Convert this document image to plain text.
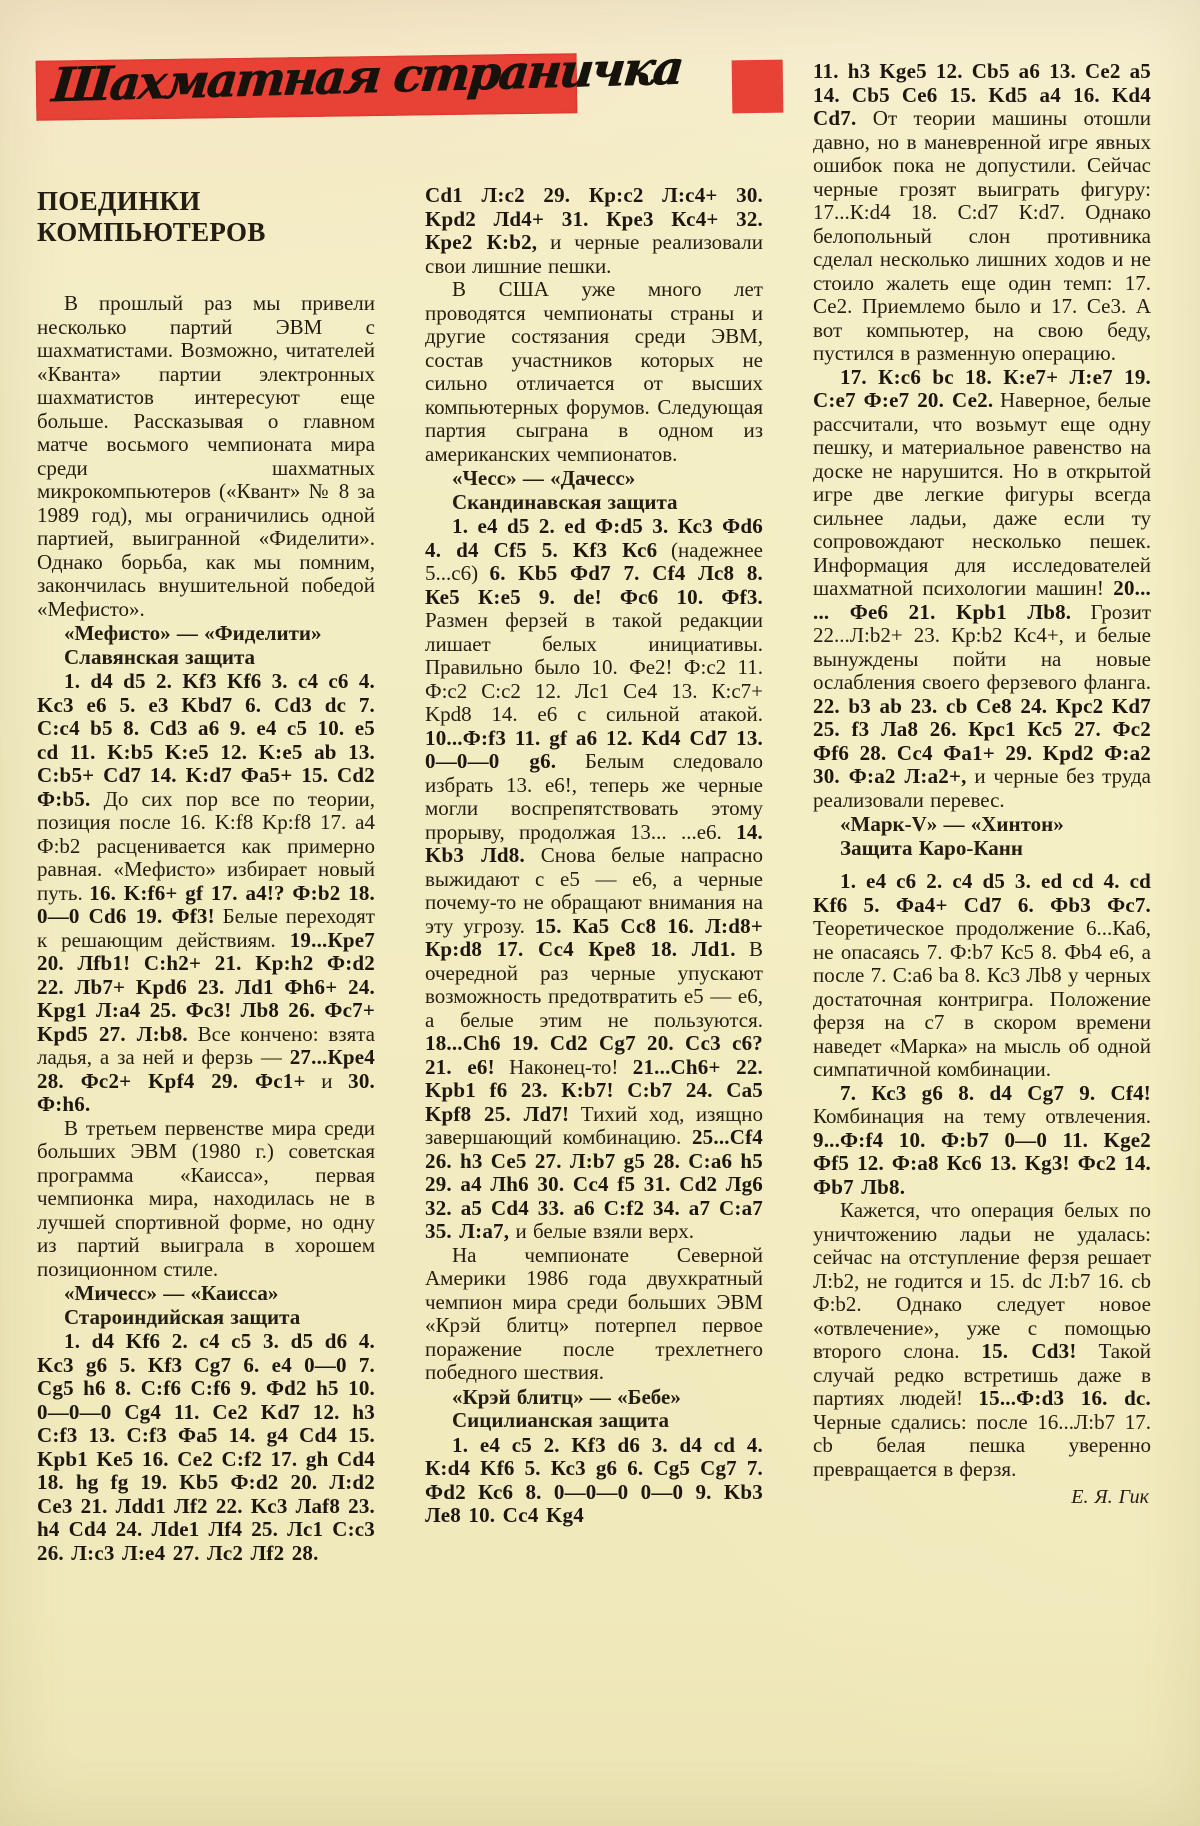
Шахматная страничка
ПОЕДИНКИ
КОМПЬЮТЕРОВ

В прошлый раз мы привели несколько партий ЭВМ с шахматистами. Возможно, читателей «Кванта» партии электронных шахматистов интересуют еще больше. Рассказывая о главном матче восьмого чемпионата мира среди шахматных микрокомпьютеров («Квант» № 8 за 1989 год), мы ограничились одной партией, выигранной «Фиделити». Однако борьба, как мы помним, закончилась внушительной победой «Мефисто».

«Мефисто» — «Фиделити»
Славянская защита

1. d4 d5 2. Kf3 Kf6 3. c4 c6 4. Kc3 e6 5. e3 Kbd7 6. Cd3 dc 7. C:c4 b5 8. Cd3 a6 9. e4 c5 10. e5 cd 11. K:b5 K:e5 12. K:e5 ab 13. C:b5+ Cd7 14. K:d7 Фа5+ 15. Cd2 Ф:b5. До сих пор все по теории, позиция после 16. K:f8 Kp:f8 17. a4 Ф:b2 расценивается как примерно равная. «Мефисто» избирает новый путь. 16. K:f6+ gf 17. a4!? Ф:b2 18. 0—0 Cd6 19. Фf3! Белые переходят к решающим действиям. 19...Кре7 20. Лfb1! C:h2+ 21. Kp:h2 Ф:d2 22. Лb7+ Kpd6 23. Лd1 Фh6+ 24. Kpg1 Л:а4 25. Фс3! Лb8 26. Фс7+ Kpd5 27. Л:b8. Все кончено: взята ладья, а за ней и ферзь — 27...Кре4 28. Фс2+ Kpf4 29. Фс1+ и 30. Ф:h6.

В третьем первенстве мира среди больших ЭВМ (1980 г.) советская программа «Каисса», первая чемпионка мира, находилась не в лучшей спортивной форме, но одну из партий выиграла в хорошем позиционном стиле.

«Мичесс» — «Каисса»
Староиндийская защита

1. d4 Kf6 2. c4 c5 3. d5 d6 4. Kc3 g6 5. Kf3 Cg7 6. e4 0—0 7. Cg5 h6 8. C:f6 C:f6 9. Фd2 h5 10. 0—0—0 Cg4 11. Ce2 Kd7 12. h3 C:f3 13. C:f3 Фа5 14. g4 Cd4 15. Kpb1 Ke5 16. Ce2 C:f2 17. gh Cd4 18. hg fg 19. Kb5 Ф:d2 20. Л:d2 Ce3 21. Лdd1 Лf2 22. Kc3 Лаf8 23. h4 Cd4 24. Лde1 Лf4 25. Лс1 C:c3 26. Л:c3 Л:e4 27. Лс2 Лf2 28.

Cd1 Л:c2 29. Кр:c2 Л:c4+ 30. Kpd2 Лd4+ 31. Кре3 Кс4+ 32. Кре2 К:b2, и черные реализовали свои лишние пешки.

В США уже много лет проводятся чемпионаты страны и другие состязания среди ЭВМ, состав участников которых не сильно отличается от высших компьютерных форумов. Следующая партия сыграна в одном из американских чемпионатов.

«Чесс» — «Дачесс»
Скандинавская защита

1. е4 d5 2. ed Ф:d5 3. Кс3 Фd6 4. d4 Cf5 5. Kf3 Кс6 (надежнее 5...с6) 6. Kb5 Фd7 7. Cf4 Лс8 8. Ке5 К:е5 9. de! Фс6 10. Фf3. Размен ферзей в такой редакции лишает белых инициативы. Правильно было 10. Фе2! Ф:с2 11. Ф:с2 С:с2 12. Лс1 Се4 13. К:с7+ Kpd8 14. е6 с сильной атакой. 10...Ф:f3 11. gf а6 12. Kd4 Cd7 13. 0—0—0 g6. Белым следовало избрать 13. е6!, теперь же черные могли воспрепятствовать этому прорыву, продолжая 13... ...е6. 14. Kb3 Лd8. Снова белые напрасно выжидают с е5 — е6, а черные почему-то не обращают внимания на эту угрозу. 15. Ка5 Сс8 16. Л:d8+ Кр:d8 17. Сс4 Кре8 18. Лd1. В очередной раз черные упускают возможность предотвратить е5 — е6, а белые этим не пользуются. 18...Ch6 19. Cd2 Cg7 20. Сс3 с6? 21. е6! Наконец-то! 21...Ch6+ 22. Kpb1 f6 23. К:b7! С:b7 24. Са5 Kpf8 25. Лd7! Тихий ход, изящно завершающий комбинацию. 25...Cf4 26. h3 Се5 27. Л:b7 g5 28. С:а6 h5 29. а4 Лh6 30. Сс4 f5 31. Cd2 Лg6 32. а5 Cd4 33. а6 C:f2 34. а7 С:а7 35. Л:а7, и белые взяли верх.

На чемпионате Северной Америки 1986 года двухкратный чемпион мира среди больших ЭВМ «Крэй блитц» потерпел первое поражение после трехлетнего победного шествия.

«Крэй блитц» — «Бебе»
Сицилианская защита

1. е4 с5 2. Kf3 d6 3. d4 cd 4. К:d4 Kf6 5. Кс3 g6 6. Cg5 Cg7 7. Фd2 Кс6 8. 0—0—0 0—0 9. Kb3 Ле8 10. Сс4 Kg4

11. h3 Kge5 12. Cb5 a6 13. Ce2 a5 14. Cb5 Ce6 15. Kd5 a4 16. Kd4 Cd7. От теории машины отошли давно, но в маневренной игре явных ошибок пока не допустили. Сейчас черные грозят выиграть фигуру: 17...К:d4 18. С:d7 К:d7. Однако белопольный слон противника сделал несколько лишних ходов и не стоило жалеть еще один темп: 17. Се2. Приемлемо было и 17. Се3. А вот компьютер, на свою беду, пустился в разменную операцию.

17. К:с6 bc 18. К:е7+ Л:е7 19. С:е7 Ф:е7 20. Се2. Наверное, белые рассчитали, что возьмут еще одну пешку, и материальное равенство на доске не нарушится. Но в открытой игре две легкие фигуры всегда сильнее ладьи, даже если ту сопровождают несколько пешек. Информация для исследователей шахматной психологии машин! 20... ... Фе6 21. Kpb1 Лb8. Грозит 22...Л:b2+ 23. Кр:b2 Кс4+, и белые вынуждены пойти на новые ослабления своего ферзевого фланга. 22. b3 ab 23. cb Се8 24. Крс2 Kd7 25. f3 Ла8 26. Крс1 Кс5 27. Фс2 Фf6 28. Сс4 Фа1+ 29. Kpd2 Ф:а2 30. Ф:а2 Л:а2+, и черные без труда реализовали перевес.

«Марк-V» — «Хинтон»
Защита Каро-Канн

1. е4 с6 2. с4 d5 3. ed cd 4. cd Kf6 5. Фа4+ Cd7 6. Фb3 Фс7. Теоретическое продолжение 6...Ка6, не опасаясь 7. Ф:b7 Кс5 8. Фb4 е6, а после 7. С:а6 ba 8. Кс3 Лb8 у черных достаточная контригра. Положение ферзя на с7 в скором времени наведет «Марка» на мысль об одной симпатичной комбинации.

7. Кс3 g6 8. d4 Cg7 9. Cf4! Комбинация на тему отвлечения. 9...Ф:f4 10. Ф:b7 0—0 11. Kge2 Фf5 12. Ф:а8 Кс6 13. Kg3! Фс2 14. Фb7 Лb8.

Кажется, что операция белых по уничтожению ладьи не удалась: сейчас на отступление ферзя решает Л:b2, не годится и 15. dc Л:b7 16. cb Ф:b2. Однако следует новое «отвлечение», уже с помощью второго слона. 15. Cd3! Такой случай редко встретишь даже в партиях людей! 15...Ф:d3 16. dc. Черные сдались: после 16...Л:b7 17. cb белая пешка уверенно превращается в ферзя.

Е. Я. Гик
